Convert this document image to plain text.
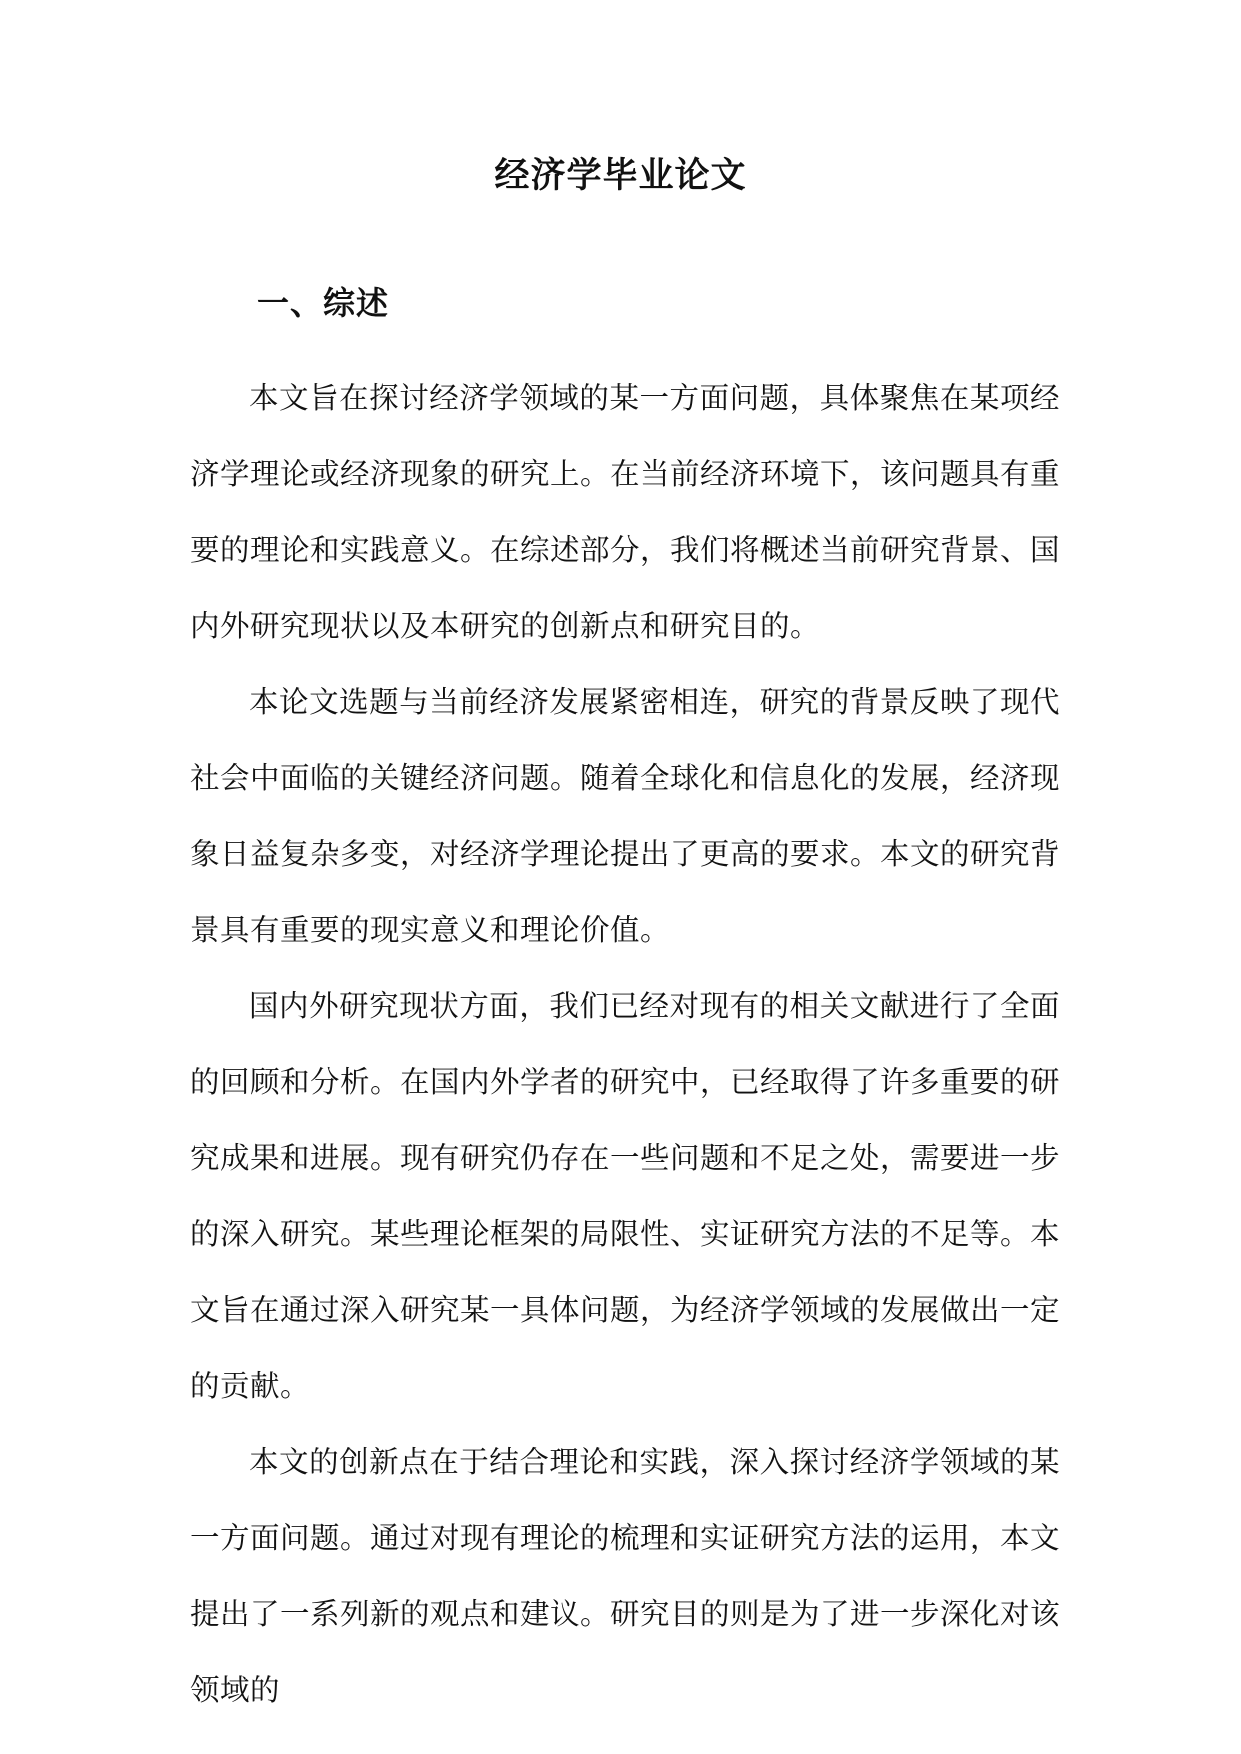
经济学毕业论文
一、综述

本文旨在探讨经济学领域的某一方面问题，具体聚焦在某项经济学理论或经济现象的研究上。在当前经济环境下，该问题具有重要的理论和实践意义。在综述部分，我们将概述当前研究背景、国内外研究现状以及本研究的创新点和研究目的。

本论文选题与当前经济发展紧密相连，研究的背景反映了现代社会中面临的关键经济问题。随着全球化和信息化的发展，经济现象日益复杂多变，对经济学理论提出了更高的要求。本文的研究背景具有重要的现实意义和理论价值。

国内外研究现状方面，我们已经对现有的相关文献进行了全面的回顾和分析。在国内外学者的研究中，已经取得了许多重要的研究成果和进展。现有研究仍存在一些问题和不足之处，需要进一步的深入研究。某些理论框架的局限性、实证研究方法的不足等。本文旨在通过深入研究某一具体问题，为经济学领域的发展做出一定的贡献。

本文的创新点在于结合理论和实践，深入探讨经济学领域的某一方面问题。通过对现有理论的梳理和实证研究方法的运用，本文提出了一系列新的观点和建议。研究目的则是为了进一步深化对该领域的
